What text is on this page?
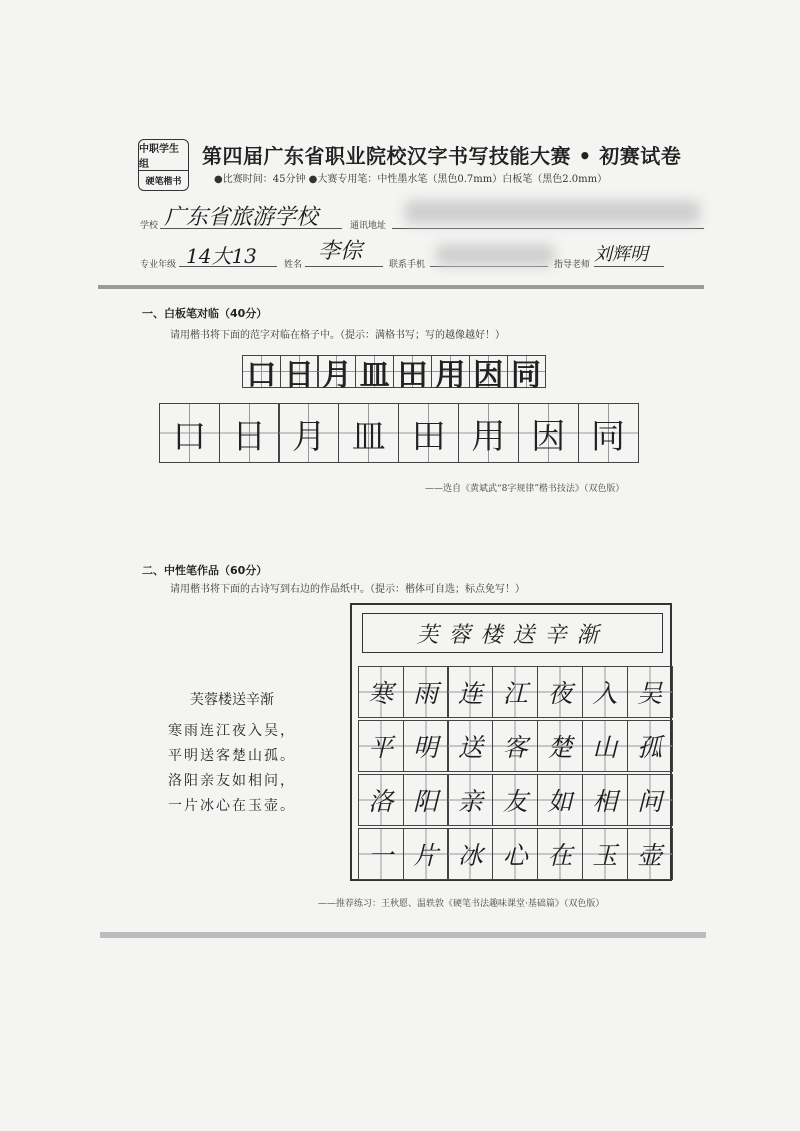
中职学生组
硬笔楷书
第四届广东省职业院校汉字书写技能大赛 • 初赛试卷
●比赛时间：45分钟 ●大赛专用笔：中性墨水笔（黑色0.7mm）白板笔（黑色2.0mm）
学校 广东省旅游学校	通讯地址
专业年级 14大13	姓名
李倧
联系手机	指导老师 刘辉明
一、白板笔对临（40分）
请用楷书将下面的范字对临在格子中。（提示：满格书写；写的越像越好！）
口 日 月 皿 田 用 因 同
口 日 月 皿 田 用 因 同
——选自《黄斌武“8字规律”楷书技法》（双色版）
二、中性笔作品（60分）
请用楷书将下面的古诗写到右边的作品纸中。（提示：楷体可自选；标点免写！）
芙蓉楼送辛渐
寒雨连江夜入吴，
平明送客楚山孤。
洛阳亲友如相问，
一片冰心在玉壶。
芙蓉楼送辛渐
寒 雨 连 江 夜 入 吴
平 明 送 客 楚 山 孤
洛 阳 亲 友 如 相 问
一 片 冰 心 在 玉 壶
——推荐练习：王秋愿、温轶敦《硬笔书法趣味课堂·基础篇》（双色版）
